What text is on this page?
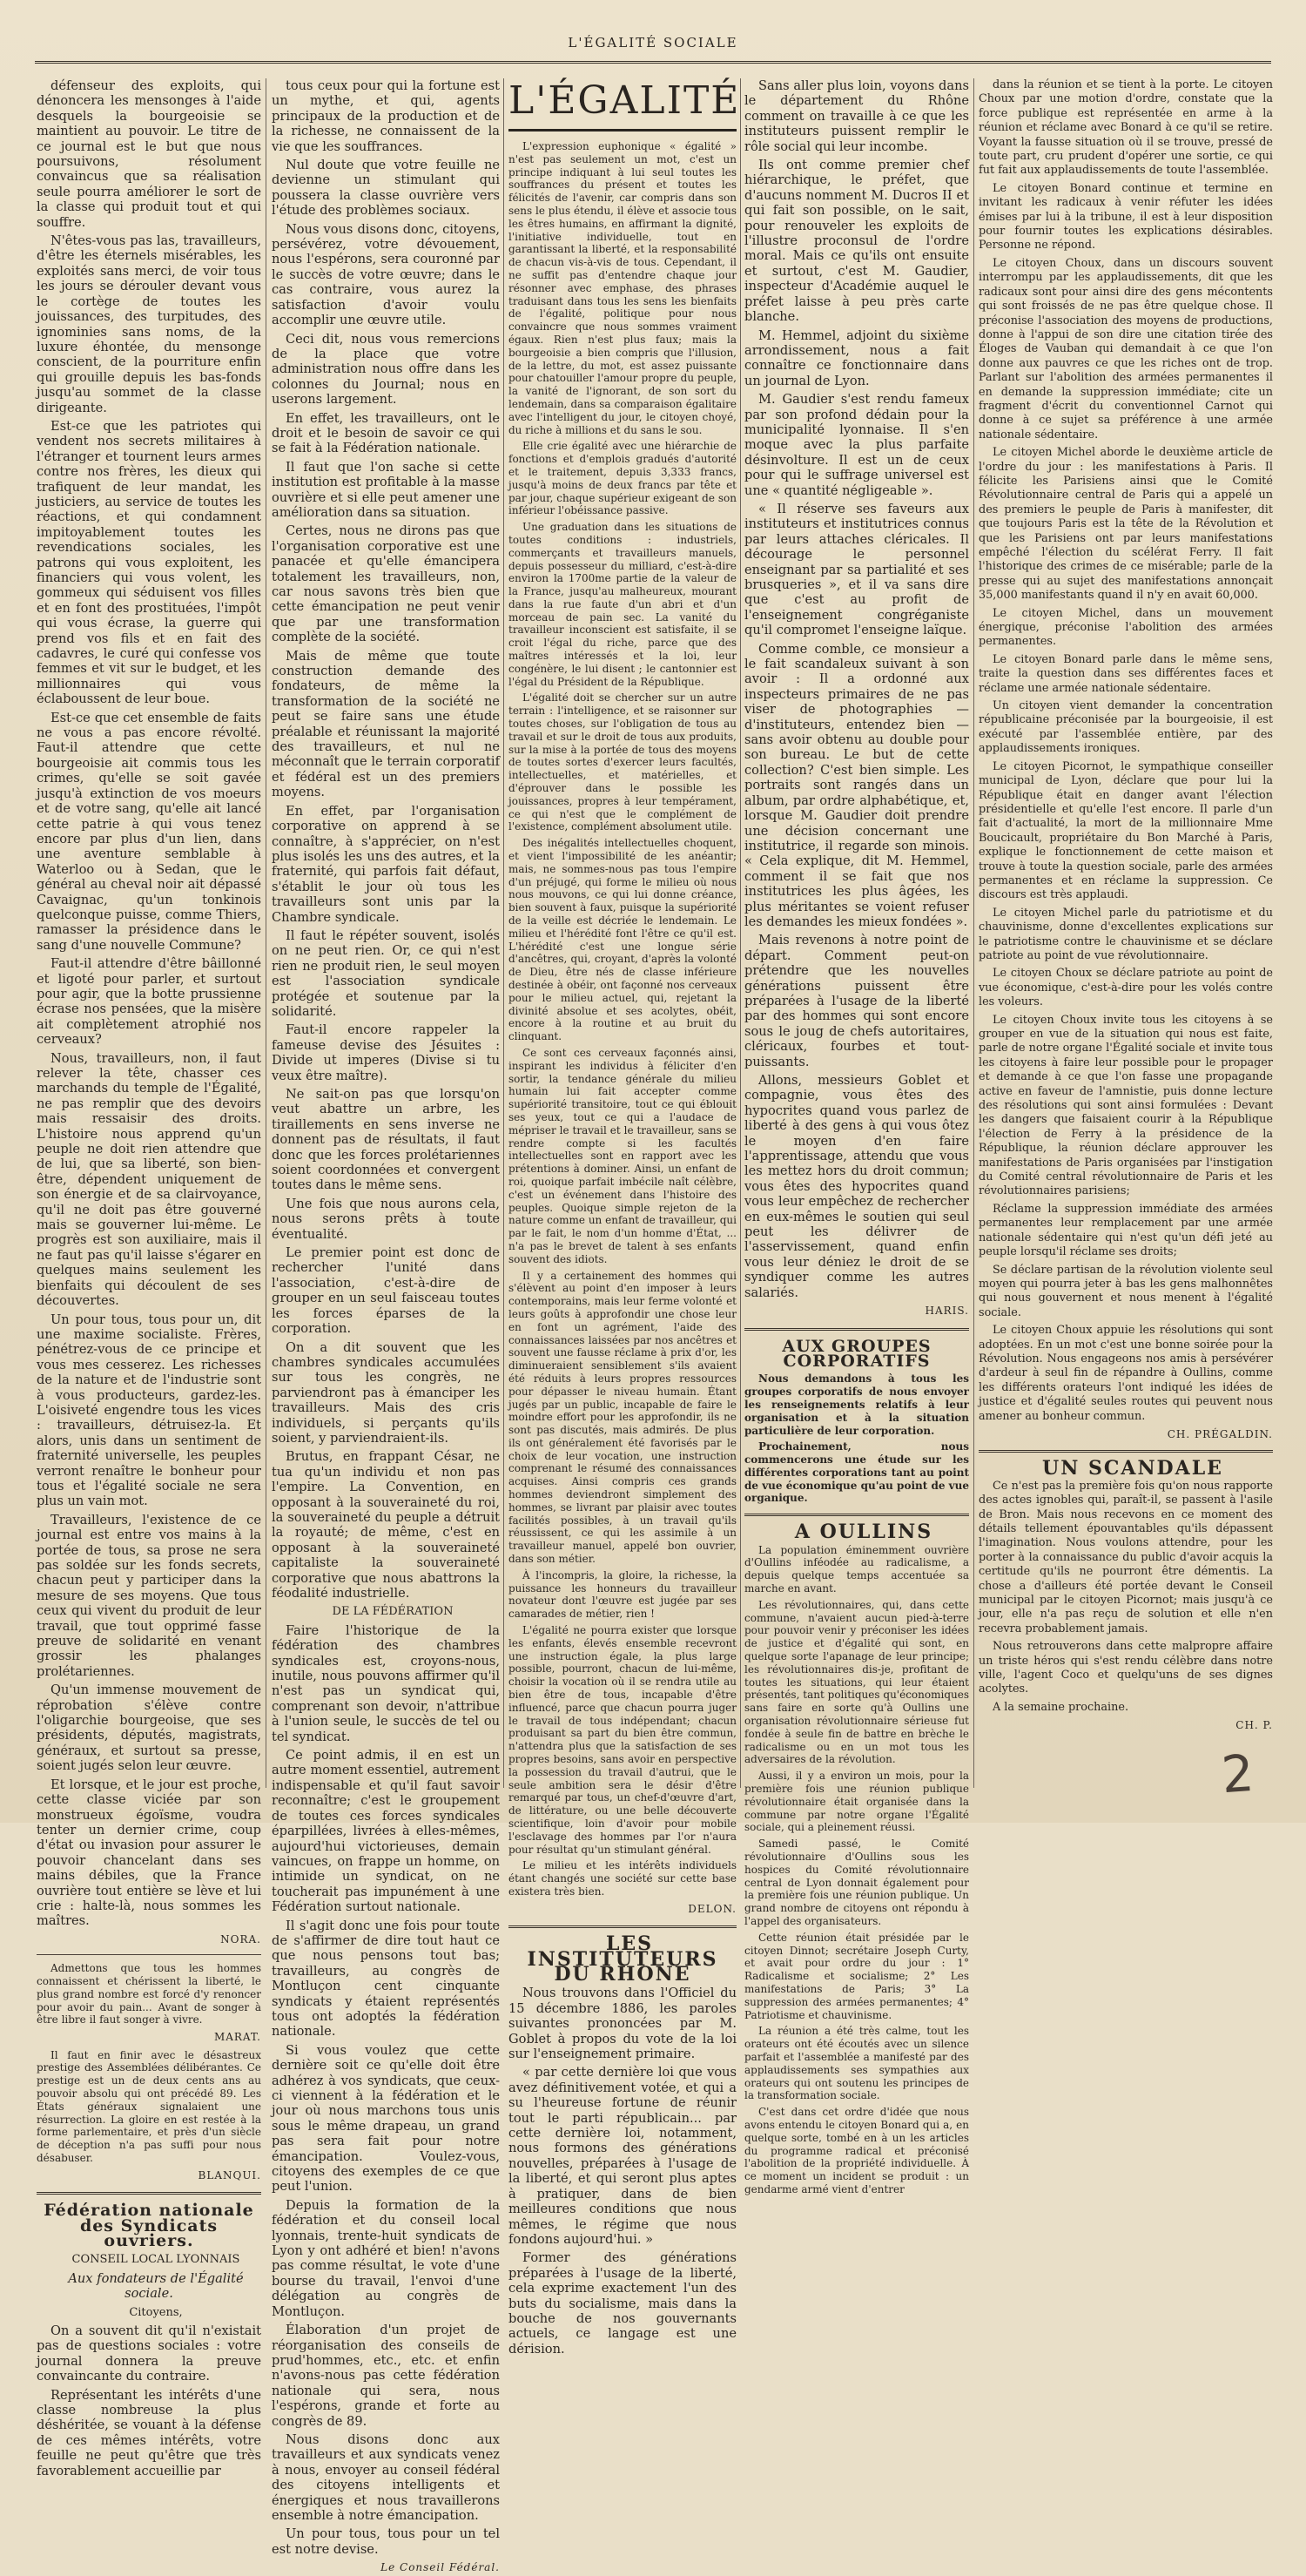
L'ÉGALITÉ SOCIALE

défenseur des exploits, qui dénoncera les mensonges à l'aide desquels la bourgeoisie se maintient au pouvoir. Le titre de ce journal est le but que nous poursuivons, résolument convaincus que sa réalisation seule pourra améliorer le sort de la classe qui produit tout et qui souffre.

N'êtes-vous pas las, travailleurs, d'être les éternels misérables, les exploités sans merci, de voir tous les jours se dérouler devant vous le cortège de toutes les jouissances, des turpitudes, des ignominies sans noms, de la luxure éhontée, du mensonge conscient, de la pourriture enfin qui grouille depuis les bas-fonds jusqu'au sommet de la classe dirigeante.

Est-ce que les patriotes qui vendent nos secrets militaires à l'étranger et tournent leurs armes contre nos frères, les dieux qui trafiquent de leur mandat, les justiciers, au service de toutes les réactions, et qui condamnent impitoyablement toutes les revendications sociales, les patrons qui vous exploitent, les financiers qui vous volent, les gommeux qui séduisent vos filles et en font des prostituées, l'impôt qui vous écrase, la guerre qui prend vos fils et en fait des cadavres, le curé qui confesse vos femmes et vit sur le budget, et les millionnaires qui vous éclaboussent de leur boue.

Est-ce que cet ensemble de faits ne vous a pas encore révolté. Faut-il attendre que cette bourgeoisie ait commis tous les crimes, qu'elle se soit gavée jusqu'à extinction de vos moeurs et de votre sang, qu'elle ait lancé cette patrie à qui vous tenez encore par plus d'un lien, dans une aventure semblable à Waterloo ou à Sedan, que le général au cheval noir ait dépassé Cavaignac, qu'un tonkinois quelconque puisse, comme Thiers, ramasser la présidence dans le sang d'une nouvelle Commune?

Faut-il attendre d'être bâillonné et ligoté pour parler, et surtout pour agir, que la botte prussienne écrase nos pensées, que la misère ait complètement atrophié nos cerveaux?

Nous, travailleurs, non, il faut relever la tête, chasser ces marchands du temple de l'Égalité, ne pas remplir que des devoirs mais ressaisir des droits. L'histoire nous apprend qu'un peuple ne doit rien attendre que de lui, que sa liberté, son bien-être, dépendent uniquement de son énergie et de sa clairvoyance, qu'il ne doit pas être gouverné mais se gouverner lui-même. Le progrès est son auxiliaire, mais il ne faut pas qu'il laisse s'égarer en quelques mains seulement les bienfaits qui découlent de ses découvertes.

Un pour tous, tous pour un, dit une maxime socialiste. Frères, pénétrez-vous de ce principe et vous mes cesserez. Les richesses de la nature et de l'industrie sont à vous producteurs, gardez-les. L'oisiveté engendre tous les vices : travailleurs, détruisez-la. Et alors, unis dans un sentiment de fraternité universelle, les peuples verront renaître le bonheur pour tous et l'égalité sociale ne sera plus un vain mot.

Travailleurs, l'existence de ce journal est entre vos mains à la portée de tous, sa prose ne sera pas soldée sur les fonds secrets, chacun peut y participer dans la mesure de ses moyens. Que tous ceux qui vivent du produit de leur travail, que tout opprimé fasse preuve de solidarité en venant grossir les phalanges prolétariennes.

Qu'un immense mouvement de réprobation s'élève contre l'oligarchie bourgeoise, que ses présidents, députés, magistrats, généraux, et surtout sa presse, soient jugés selon leur œuvre.

Et lorsque, et le jour est proche, cette classe viciée par son monstrueux égoïsme, voudra tenter un dernier crime, coup d'état ou invasion pour assurer le pouvoir chancelant dans ses mains débiles, que la France ouvrière tout entière se lève et lui crie : halte-là, nous sommes les maîtres.

NORA.

Admettons que tous les hommes connaissent et chérissent la liberté, le plus grand nombre est forcé d'y renoncer pour avoir du pain... Avant de songer à être libre il faut songer à vivre.

MARAT.

Il faut en finir avec le désastreux prestige des Assemblées délibérantes. Ce prestige est un de deux cents ans au pouvoir absolu qui ont précédé 89. Les États généraux signalaient une résurrection. La gloire en est restée à la forme parlementaire, et près d'un siècle de déception n'a pas suffi pour nous désabuser.

BLANQUI.

Fédération nationale des Syndicats ouvriers.

CONSEIL LOCAL LYONNAIS

Aux fondateurs de l'Égalité sociale.

Citoyens,

On a souvent dit qu'il n'existait pas de questions sociales : votre journal donnera la preuve convaincante du contraire.

Représentant les intérêts d'une classe nombreuse la plus déshéritée, se vouant à la défense de ces mêmes intérêts, votre feuille ne peut qu'être que très favorablement accueillie par

tous ceux pour qui la fortune est un mythe, et qui, agents principaux de la production et de la richesse, ne connaissent de la vie que les souffrances.

Nul doute que votre feuille ne devienne un stimulant qui poussera la classe ouvrière vers l'étude des problèmes sociaux.

Nous vous disons donc, citoyens, persévérez, votre dévouement, nous l'espérons, sera couronné par le succès de votre œuvre; dans le cas contraire, vous aurez la satisfaction d'avoir voulu accomplir une œuvre utile.

Ceci dit, nous vous remercions de la place que votre administration nous offre dans les colonnes du Journal; nous en userons largement.

En effet, les travailleurs, ont le droit et le besoin de savoir ce qui se fait à la Fédération nationale.

Il faut que l'on sache si cette institution est profitable à la masse ouvrière et si elle peut amener une amélioration dans sa situation.

Certes, nous ne dirons pas que l'organisation corporative est une panacée et qu'elle émancipera totalement les travailleurs, non, car nous savons très bien que cette émancipation ne peut venir que par une transformation complète de la société.

Mais de même que toute construction demande des fondateurs, de même la transformation de la société ne peut se faire sans une étude préalable et réunissant la majorité des travailleurs, et nul ne méconnaît que le terrain corporatif et fédéral est un des premiers moyens.

En effet, par l'organisation corporative on apprend à se connaître, à s'apprécier, on n'est plus isolés les uns des autres, et la fraternité, qui parfois fait défaut, s'établit le jour où tous les travailleurs sont unis par la Chambre syndicale.

Il faut le répéter souvent, isolés on ne peut rien. Or, ce qui n'est rien ne produit rien, le seul moyen est l'association syndicale protégée et soutenue par la solidarité.

Faut-il encore rappeler la fameuse devise des Jésuites : Divide ut imperes (Divise si tu veux être maître).

Ne sait-on pas que lorsqu'on veut abattre un arbre, les tiraillements en sens inverse ne donnent pas de résultats, il faut donc que les forces prolétariennes soient coordonnées et convergent toutes dans le même sens.

Une fois que nous aurons cela, nous serons prêts à toute éventualité.

Le premier point est donc de rechercher l'unité dans l'association, c'est-à-dire de grouper en un seul faisceau toutes les forces éparses de la corporation.

On a dit souvent que les chambres syndicales accumulées sur tous les congrès, ne parviendront pas à émanciper les travailleurs. Mais des cris individuels, si perçants qu'ils soient, y parviendraient-ils.

Brutus, en frappant César, ne tua qu'un individu et non pas l'empire. La Convention, en opposant à la souveraineté du roi, la souveraineté du peuple a détruit la royauté; de même, c'est en opposant à la souveraineté capitaliste la souveraineté corporative que nous abattrons la féodalité industrielle.

DE LA FÉDÉRATION

Faire l'historique de la fédération des chambres syndicales est, croyons-nous, inutile, nous pouvons affirmer qu'il n'est pas un syndicat qui, comprenant son devoir, n'attribue à l'union seule, le succès de tel ou tel syndicat.

Ce point admis, il en est un autre moment essentiel, autrement indispensable et qu'il faut savoir reconnaître; c'est le groupement de toutes ces forces syndicales éparpillées, livrées à elles-mêmes, aujourd'hui victorieuses, demain vaincues, on frappe un homme, on intimide un syndicat, on ne toucherait pas impunément à une Fédération surtout nationale.

Il s'agit donc une fois pour toute de s'affirmer de dire tout haut ce que nous pensons tout bas; travailleurs, au congrès de Montluçon cent cinquante syndicats y étaient représentés tous ont adoptés la fédération nationale.

Si vous voulez que cette dernière soit ce qu'elle doit être adhérez à vos syndicats, que ceux-ci viennent à la fédération et le jour où nous marchons tous unis sous le même drapeau, un grand pas sera fait pour notre émancipation. Voulez-vous, citoyens des exemples de ce que peut l'union.

Depuis la formation de la fédération et du conseil local lyonnais, trente-huit syndicats de Lyon y ont adhéré et bien! n'avons pas comme résultat, le vote d'une bourse du travail, l'envoi d'une délégation au congrès de Montluçon.

Élaboration d'un projet de réorganisation des conseils de prud'hommes, etc., etc. et enfin n'avons-nous pas cette fédération nationale qui sera, nous l'espérons, grande et forte au congrès de 89.

Nous disons donc aux travailleurs et aux syndicats venez à nous, envoyer au conseil fédéral des citoyens intelligents et énergiques et nous travaillerons ensemble à notre émancipation.

Un pour tous, tous pour un tel est notre devise.

Le Conseil Fédéral.

L'ÉGALITÉ

L'expression euphonique « égalité » n'est pas seulement un mot, c'est un principe indiquant à lui seul toutes les souffrances du présent et toutes les félicités de l'avenir, car compris dans son sens le plus étendu, il élève et associe tous les êtres humains, en affirmant la dignité, l'initiative individuelle, tout en garantissant la liberté, et la responsabilité de chacun vis-à-vis de tous. Cependant, il ne suffit pas d'entendre chaque jour résonner avec emphase, des phrases traduisant dans tous les sens les bienfaits de l'égalité, politique pour nous convaincre que nous sommes vraiment égaux. Rien n'est plus faux; mais la bourgeoisie a bien compris que l'illusion, de la lettre, du mot, est assez puissante pour chatouiller l'amour propre du peuple, la vanité de l'ignorant, de son sort du lendemain, dans sa comparaison égalitaire avec l'intelligent du jour, le citoyen choyé, du riche à millions et du sans le sou.

Elle crie égalité avec une hiérarchie de fonctions et d'emplois gradués d'autorité et le traitement, depuis 3,333 francs, jusqu'à moins de deux francs par tête et par jour, chaque supérieur exigeant de son inférieur l'obéissance passive.

Une graduation dans les situations de toutes conditions : industriels, commerçants et travailleurs manuels, depuis possesseur du milliard, c'est-à-dire environ la 1700me partie de la valeur de la France, jusqu'au malheureux, mourant dans la rue faute d'un abri et d'un morceau de pain sec. La vanité du travailleur inconscient est satisfaite, il se croit l'égal du riche, parce que des maîtres intéressés et la loi, leur congénère, le lui disent ; le cantonnier est l'égal du Président de la République.

L'égalité doit se chercher sur un autre terrain : l'intelligence, et se raisonner sur toutes choses, sur l'obligation de tous au travail et sur le droit de tous aux produits, sur la mise à la portée de tous des moyens de toutes sortes d'exercer leurs facultés, intellectuelles, et matérielles, et d'éprouver dans le possible les jouissances, propres à leur tempérament, ce qui n'est que le complément de l'existence, complément absolument utile.

Des inégalités intellectuelles choquent, et vient l'impossibilité de les anéantir; mais, ne sommes-nous pas tous l'empire d'un préjugé, qui forme le milieu où nous nous mouvons, ce qui lui donne créance, bien souvent à faux, puisque la supériorité de la veille est décriée le lendemain. Le milieu et l'hérédité font l'être ce qu'il est. L'hérédité c'est une longue série d'ancêtres, qui, croyant, d'après la volonté de Dieu, être nés de classe inférieure destinée à obéir, ont façonné nos cerveaux pour le milieu actuel, qui, rejetant la divinité absolue et ses acolytes, obéit, encore à la routine et au bruit du clinquant.

Ce sont ces cerveaux façonnés ainsi, inspirant les individus à féliciter d'en sortir, la tendance générale du milieu humain lui fait accepter comme supériorité transitoire, tout ce qui éblouit ses yeux, tout ce qui a l'audace de mépriser le travail et le travailleur, sans se rendre compte si les facultés intellectuelles sont en rapport avec les prétentions à dominer. Ainsi, un enfant de roi, quoique parfait imbécile naît célèbre, c'est un événement dans l'histoire des peuples. Quoique simple rejeton de la nature comme un enfant de travailleur, qui par le fait, le nom d'un homme d'État, ... n'a pas le brevet de talent à ses enfants souvent des idiots.

Il y a certainement des hommes qui s'élèvent au point d'en imposer à leurs contemporains, mais leur ferme volonté et leurs goûts à approfondir une chose leur en font un agrément, l'aide des connaissances laissées par nos ancêtres et souvent une fausse réclame à prix d'or, les diminueraient sensiblement s'ils avaient été réduits à leurs propres ressources pour dépasser le niveau humain. Étant jugés par un public, incapable de faire le moindre effort pour les approfondir, ils ne sont pas discutés, mais admirés. De plus ils ont généralement été favorisés par le choix de leur vocation, une instruction comprenant le résumé des connaissances acquises. Ainsi compris ces grands hommes deviendront simplement des hommes, se livrant par plaisir avec toutes facilités possibles, à un travail qu'ils réussissent, ce qui les assimile à un travailleur manuel, appelé bon ouvrier, dans son métier.

À l'incompris, la gloire, la richesse, la puissance les honneurs du travailleur novateur dont l'œuvre est jugée par ses camarades de métier, rien !

L'égalité ne pourra exister que lorsque les enfants, élevés ensemble recevront une instruction égale, la plus large possible, pourront, chacun de lui-même, choisir la vocation où il se rendra utile au bien être de tous, incapable d'être influencé, parce que chacun pourra juger le travail de tous indépendant; chacun produisant sa part du bien être commun, n'attendra plus que la satisfaction de ses propres besoins, sans avoir en perspective la possession du travail d'autrui, que le seule ambition sera le désir d'être remarqué par tous, un chef-d'œuvre d'art, de littérature, ou une belle découverte scientifique, loin d'avoir pour mobile l'esclavage des hommes par l'or n'aura pour résultat qu'un stimulant général.

Le milieu et les intérêts individuels étant changés une société sur cette base existera très bien.

DELON.

LES INSTITUTEURS DU RHONE

Nous trouvons dans l'Officiel du 15 décembre 1886, les paroles suivantes prononcées par M. Goblet à propos du vote de la loi sur l'enseignement primaire.

« par cette dernière loi que vous avez définitivement votée, et qui a su l'heureuse fortune de réunir tout le parti républicain... par cette dernière loi, notamment, nous formons des générations nouvelles, préparées à l'usage de la liberté, et qui seront plus aptes à pratiquer, dans de bien meilleures conditions que nous mêmes, le régime que nous fondons aujourd'hui. »

Former des générations préparées à l'usage de la liberté, cela exprime exactement l'un des buts du socialisme, mais dans la bouche de nos gouvernants actuels, ce langage est une dérision.

Sans aller plus loin, voyons dans le département du Rhône comment on travaille à ce que les instituteurs puissent remplir le rôle social qui leur incombe.

Ils ont comme premier chef hiérarchique, le préfet, que d'aucuns nomment M. Ducros II et qui fait son possible, on le sait, pour renouveler les exploits de l'illustre proconsul de l'ordre moral. Mais ce qu'ils ont ensuite et surtout, c'est M. Gaudier, inspecteur d'Académie auquel le préfet laisse à peu près carte blanche.

M. Hemmel, adjoint du sixième arrondissement, nous a fait connaître ce fonctionnaire dans un journal de Lyon.

M. Gaudier s'est rendu fameux par son profond dédain pour la municipalité lyonnaise. Il s'en moque avec la plus parfaite désinvolture. Il est un de ceux pour qui le suffrage universel est une « quantité négligeable ».

« Il réserve ses faveurs aux instituteurs et institutrices connus par leurs attaches cléricales. Il décourage le personnel enseignant par sa partialité et ses brusqueries », et il va sans dire que c'est au profit de l'enseignement congréganiste qu'il compromet l'enseigne laïque.

Comme comble, ce monsieur a le fait scandaleux suivant à son avoir : Il a ordonné aux inspecteurs primaires de ne pas viser de photographies — d'instituteurs, entendez bien — sans avoir obtenu au double pour son bureau. Le but de cette collection? C'est bien simple. Les portraits sont rangés dans un album, par ordre alphabétique, et, lorsque M. Gaudier doit prendre une décision concernant une institutrice, il regarde son minois. « Cela explique, dit M. Hemmel, comment il se fait que nos institutrices les plus âgées, les plus méritantes se voient refuser les demandes les mieux fondées ».

Mais revenons à notre point de départ. Comment peut-on prétendre que les nouvelles générations puissent être préparées à l'usage de la liberté par des hommes qui sont encore sous le joug de chefs autoritaires, cléricaux, fourbes et tout-puissants.

Allons, messieurs Goblet et compagnie, vous êtes des hypocrites quand vous parlez de liberté à des gens à qui vous ôtez le moyen d'en faire l'apprentissage, attendu que vous les mettez hors du droit commun; vous êtes des hypocrites quand vous leur empêchez de rechercher en eux-mêmes le soutien qui seul peut les délivrer de l'asservissement, quand enfin vous leur déniez le droit de se syndiquer comme les autres salariés.

HARIS.

AUX GROUPES CORPORATIFS

Nous demandons à tous les groupes corporatifs de nous envoyer les renseignements relatifs à leur organisation et à la situation particulière de leur corporation.

Prochainement, nous commencerons une étude sur les différentes corporations tant au point de vue économique qu'au point de vue organique.

A OULLINS

La population éminemment ouvrière d'Oullins inféodée au radicalisme, a depuis quelque temps accentuée sa marche en avant.

Les révolutionnaires, qui, dans cette commune, n'avaient aucun pied-à-terre pour pouvoir venir y préconiser les idées de justice et d'égalité qui sont, en quelque sorte l'apanage de leur principe; les révolutionnaires dis-je, profitant de toutes les situations, qui leur étaient présentés, tant politiques qu'économiques sans faire en sorte qu'à Oullins une organisation révolutionnaire sérieuse fut fondée à seule fin de battre en brèche le radicalisme ou en un mot tous les adversaires de la révolution.

Aussi, il y a environ un mois, pour la première fois une réunion publique révolutionnaire était organisée dans la commune par notre organe l'Égalité sociale, qui a pleinement réussi.

Samedi passé, le Comité révolutionnaire d'Oullins sous les hospices du Comité révolutionnaire central de Lyon donnait également pour la première fois une réunion publique. Un grand nombre de citoyens ont répondu à l'appel des organisateurs.

Cette réunion était présidée par le citoyen Dinnot; secrétaire Joseph Curty, et avait pour ordre du jour : 1° Radicalisme et socialisme; 2° Les manifestations de Paris; 3° La suppression des armées permanentes; 4° Patriotisme et chauvinisme.

La réunion a été très calme, tout les orateurs ont été écoutés avec un silence parfait et l'assemblée a manifesté par des applaudissements ses sympathies aux orateurs qui ont soutenu les principes de la transformation sociale.

C'est dans cet ordre d'idée que nous avons entendu le citoyen Bonard qui a, en quelque sorte, tombé en à un les articles du programme radical et préconisé l'abolition de la propriété individuelle. À ce moment un incident se produit : un gendarme armé vient d'entrer

dans la réunion et se tient à la porte. Le citoyen Choux par une motion d'ordre, constate que la force publique est représentée en arme à la réunion et réclame avec Bonard à ce qu'il se retire. Voyant la fausse situation où il se trouve, pressé de toute part, cru prudent d'opérer une sortie, ce qui fut fait aux applaudissements de toute l'assemblée.

Le citoyen Bonard continue et termine en invitant les radicaux à venir réfuter les idées émises par lui à la tribune, il est à leur disposition pour fournir toutes les explications désirables. Personne ne répond.

Le citoyen Choux, dans un discours souvent interrompu par les applaudissements, dit que les radicaux sont pour ainsi dire des gens mécontents qui sont froissés de ne pas être quelque chose. Il préconise l'association des moyens de productions, donne à l'appui de son dire une citation tirée des Éloges de Vauban qui demandait à ce que l'on donne aux pauvres ce que les riches ont de trop. Parlant sur l'abolition des armées permanentes il en demande la suppression immédiate; cite un fragment d'écrit du conventionnel Carnot qui donne à ce sujet sa préférence à une armée nationale sédentaire.

Le citoyen Michel aborde le deuxième article de l'ordre du jour : les manifestations à Paris. Il félicite les Parisiens ainsi que le Comité Révolutionnaire central de Paris qui a appelé un des premiers le peuple de Paris à manifester, dit que toujours Paris est la tête de la Révolution et que les Parisiens ont par leurs manifestations empêché l'élection du scélérat Ferry. Il fait l'historique des crimes de ce misérable; parle de la presse qui au sujet des manifestations annonçait 35,000 manifestants quand il n'y en avait 60,000.

Le citoyen Michel, dans un mouvement énergique, préconise l'abolition des armées permanentes.

Le citoyen Bonard parle dans le même sens, traite la question dans ses différentes faces et réclame une armée nationale sédentaire.

Un citoyen vient demander la concentration républicaine préconisée par la bourgeoisie, il est exécuté par l'assemblée entière, par des applaudissements ironiques.

Le citoyen Picornot, le sympathique conseiller municipal de Lyon, déclare que pour lui la République était en danger avant l'élection présidentielle et qu'elle l'est encore. Il parle d'un fait d'actualité, la mort de la millionnaire Mme Boucicault, propriétaire du Bon Marché à Paris, explique le fonctionnement de cette maison et trouve à toute la question sociale, parle des armées permanentes et en réclame la suppression. Ce discours est très applaudi.

Le citoyen Michel parle du patriotisme et du chauvinisme, donne d'excellentes explications sur le patriotisme contre le chauvinisme et se déclare patriote au point de vue révolutionnaire.

Le citoyen Choux se déclare patriote au point de vue économique, c'est-à-dire pour les volés contre les voleurs.

Le citoyen Choux invite tous les citoyens à se grouper en vue de la situation qui nous est faite, parle de notre organe l'Égalité sociale et invite tous les citoyens à faire leur possible pour le propager et demande à ce que l'on fasse une propagande active en faveur de l'amnistie, puis donne lecture des résolutions qui sont ainsi formulées : Devant les dangers que faisaient courir à la République l'élection de Ferry à la présidence de la République, la réunion déclare approuver les manifestations de Paris organisées par l'instigation du Comité central révolutionnaire de Paris et les révolutionnaires parisiens;

Réclame la suppression immédiate des armées permanentes leur remplacement par une armée nationale sédentaire qui n'est qu'un défi jeté au peuple lorsqu'il réclame ses droits;

Se déclare partisan de la révolution violente seul moyen qui pourra jeter à bas les gens malhonnêtes qui nous gouvernent et nous menent à l'égalité sociale.

Le citoyen Choux appuie les résolutions qui sont adoptées. En un mot c'est une bonne soirée pour la Révolution. Nous engageons nos amis à persévérer d'ardeur à seul fin de répandre à Oullins, comme les différents orateurs l'ont indiqué les idées de justice et d'égalité seules routes qui peuvent nous amener au bonheur commun.

CH. PRÉGALDIN.

UN SCANDALE

Ce n'est pas la première fois qu'on nous rapporte des actes ignobles qui, paraît-il, se passent à l'asile de Bron. Mais nous recevons en ce moment des détails tellement épouvantables qu'ils dépassent l'imagination. Nous voulons attendre, pour les porter à la connaissance du public d'avoir acquis la certitude qu'ils ne pourront être démentis. La chose a d'ailleurs été portée devant le Conseil municipal par le citoyen Picornot; mais jusqu'à ce jour, elle n'a pas reçu de solution et elle n'en recevra probablement jamais.

Nous retrouverons dans cette malpropre affaire un triste héros qui s'est rendu célèbre dans notre ville, l'agent Coco et quelqu'uns de ses dignes acolytes.

A la semaine prochaine.

CH. P.

2
